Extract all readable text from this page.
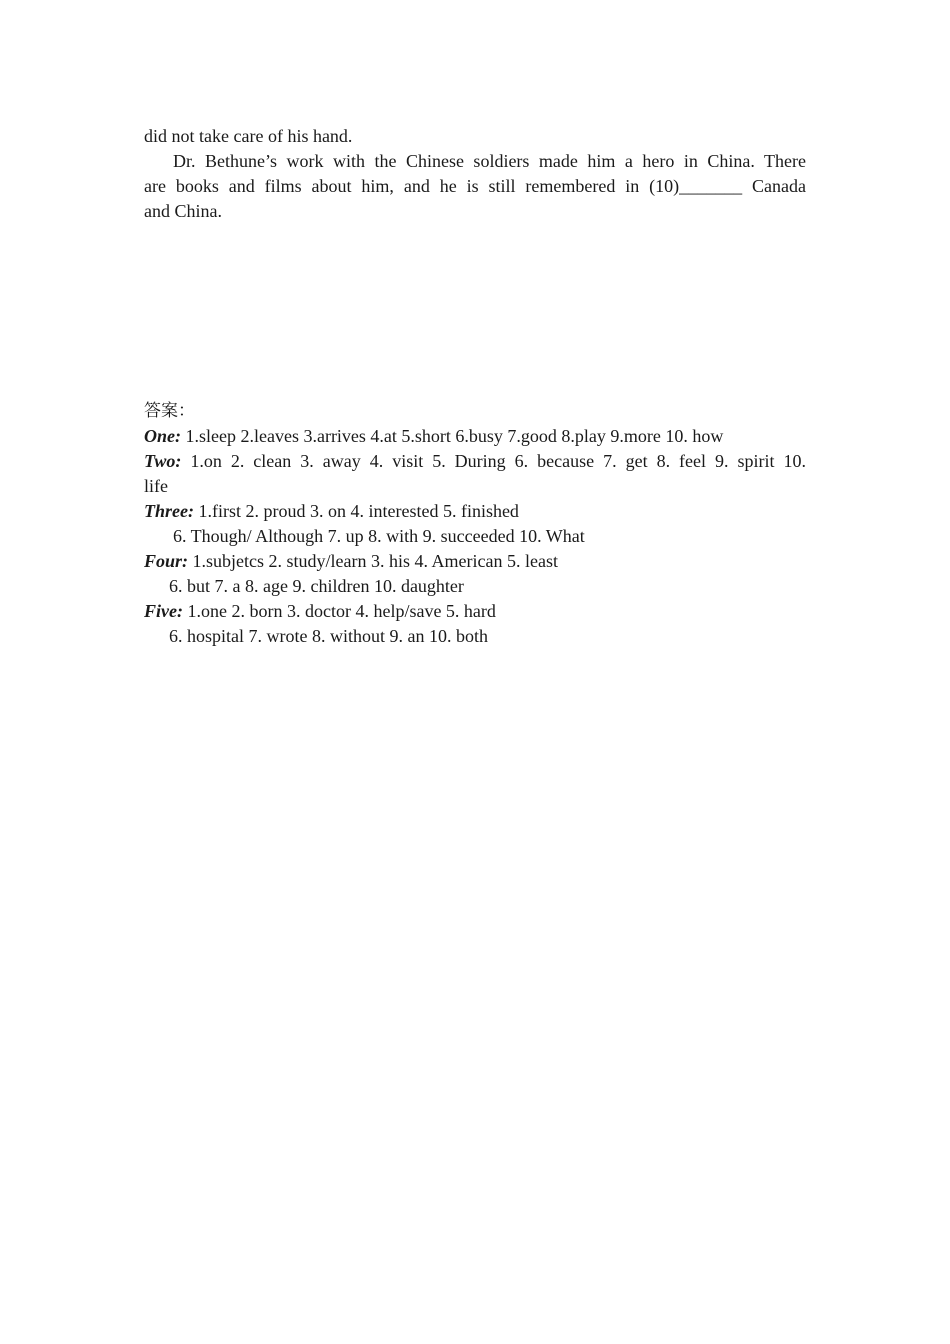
did not take care of his hand.
Dr. Bethune’s work with the Chinese soldiers made him a hero in China. There
are books and films about him, and he is still remembered in (10)_______ Canada
and China.
答案：
One: 1.sleep 2.leaves 3.arrives 4.at 5.short 6.busy 7.good 8.play 9.more 10. how
Two: 1.on 2. clean 3. away 4. visit 5. During 6. because 7. get 8. feel 9. spirit 10.
life
Three: 1.first 2. proud 3. on 4. interested 5. finished
6. Though/ Although 7. up 8. with 9. succeeded 10. What
Four: 1.subjetcs 2. study/learn 3. his 4. American 5. least
6. but 7. a 8. age 9. children 10. daughter
Five: 1.one 2. born 3. doctor 4. help/save 5. hard
6. hospital 7. wrote 8. without 9. an 10. both
